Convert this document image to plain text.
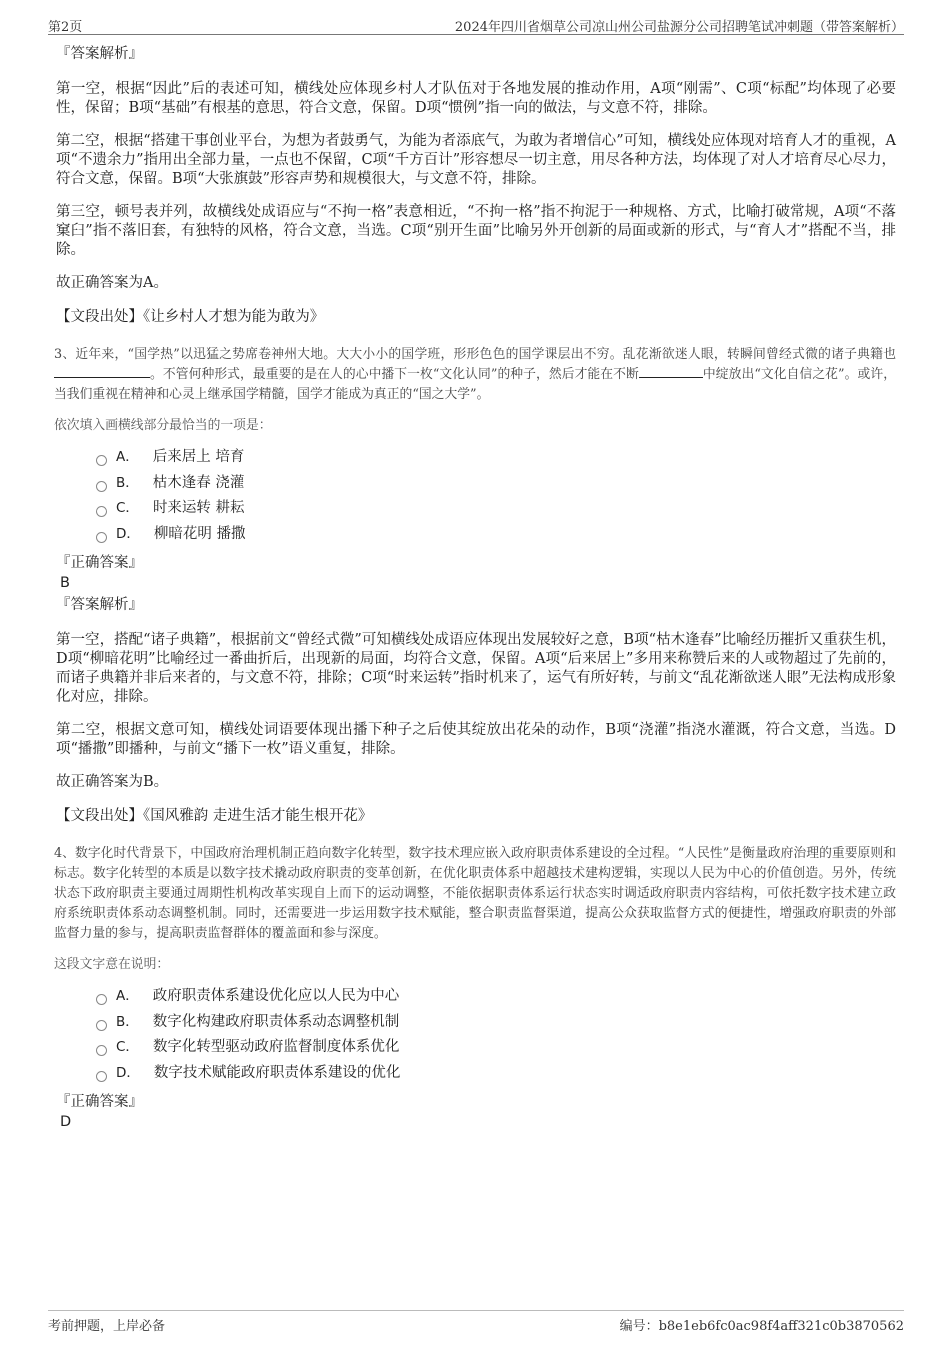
第2页	2024年四川省烟草公司凉山州公司盐源分公司招聘笔试冲刺题（带答案解析）

『答案解析』

第一空，根据“因此”后的表述可知，横线处应体现乡村人才队伍对于各地发展的推动作用，A项“刚需”、C项“标配”均体现了必要性，保留；B项“基础”有根基的意思，符合文意，保留。D项“惯例”指一向的做法，与文意不符，排除。

第二空，根据“搭建干事创业平台，为想为者鼓勇气，为能为者添底气，为敢为者增信心”可知，横线处应体现对培育人才的重视，A项“不遗余力”指用出全部力量，一点也不保留，C项“千方百计”形容想尽一切主意，用尽各种方法，均体现了对人才培育尽心尽力，符合文意，保留。B项“大张旗鼓”形容声势和规模很大，与文意不符，排除。

第三空，顿号表并列，故横线处成语应与“不拘一格”表意相近，“不拘一格”指不拘泥于一种规格、方式，比喻打破常规，A项“不落窠臼”指不落旧套，有独特的风格，符合文意，当选。C项“别开生面”比喻另外开创新的局面或新的形式，与“育人才”搭配不当，排除。

故正确答案为A。

【文段出处】《让乡村人才想为能为敢为》

3、近年来，“国学热”以迅猛之势席卷神州大地。大大小小的国学班，形形色色的国学课层出不穷。乱花渐欲迷人眼，转瞬间曾经式微的诸子典籍也。不管何种形式，最重要的是在人的心中播下一枚“文化认同”的种子，然后才能在不断	中绽放出“文化自信之花”。或许，当我们重视在精神和心灵上继承国学精髓，国学才能成为真正的“国之大学”。

依次填入画横线部分最恰当的一项是：

A． 后来居上 培育
B． 枯木逢春 浇灌
C． 时来运转 耕耘
D． 柳暗花明 播撒

『正确答案』

B

『答案解析』

第一空，搭配“诸子典籍”，根据前文“曾经式微”可知横线处成语应体现出发展较好之意，B项“枯木逢春”比喻经历摧折又重获生机，D项“柳暗花明”比喻经过一番曲折后，出现新的局面，均符合文意，保留。A项“后来居上”多用来称赞后来的人或物超过了先前的，而诸子典籍并非后来者的，与文意不符，排除；C项“时来运转”指时机来了，运气有所好转，与前文“乱花渐欲迷人眼”无法构成形象化对应，排除。

第二空，根据文意可知，横线处词语要体现出播下种子之后使其绽放出花朵的动作，B项“浇灌”指浇水灌溉，符合文意，当选。D项“播撒”即播种，与前文“播下一枚”语义重复，排除。

故正确答案为B。

【文段出处】《国风雅韵 走进生活才能生根开花》

4、数字化时代背景下，中国政府治理机制正趋向数字化转型，数字技术理应嵌入政府职责体系建设的全过程。“人民性”是衡量政府治理的重要原则和标志。数字化转型的本质是以数字技术撬动政府职责的变革创新，在优化职责体系中超越技术建构逻辑，实现以人民为中心的价值创造。另外，传统状态下政府职责主要通过周期性机构改革实现自上而下的运动调整，不能依据职责体系运行状态实时调适政府职责内容结构，可依托数字技术建立政府系统职责体系动态调整机制。同时，还需要进一步运用数字技术赋能，整合职责监督渠道，提高公众获取监督方式的便捷性，增强政府职责的外部监督力量的参与，提高职责监督群体的覆盖面和参与深度。

这段文字意在说明：

A． 政府职责体系建设优化应以人民为中心
B． 数字化构建政府职责体系动态调整机制
C． 数字化转型驱动政府监督制度体系优化
D． 数字技术赋能政府职责体系建设的优化

『正确答案』

D

考前押题，上岸必备	编号：b8e1eb6fc0ac98f4aff321c0b3870562
